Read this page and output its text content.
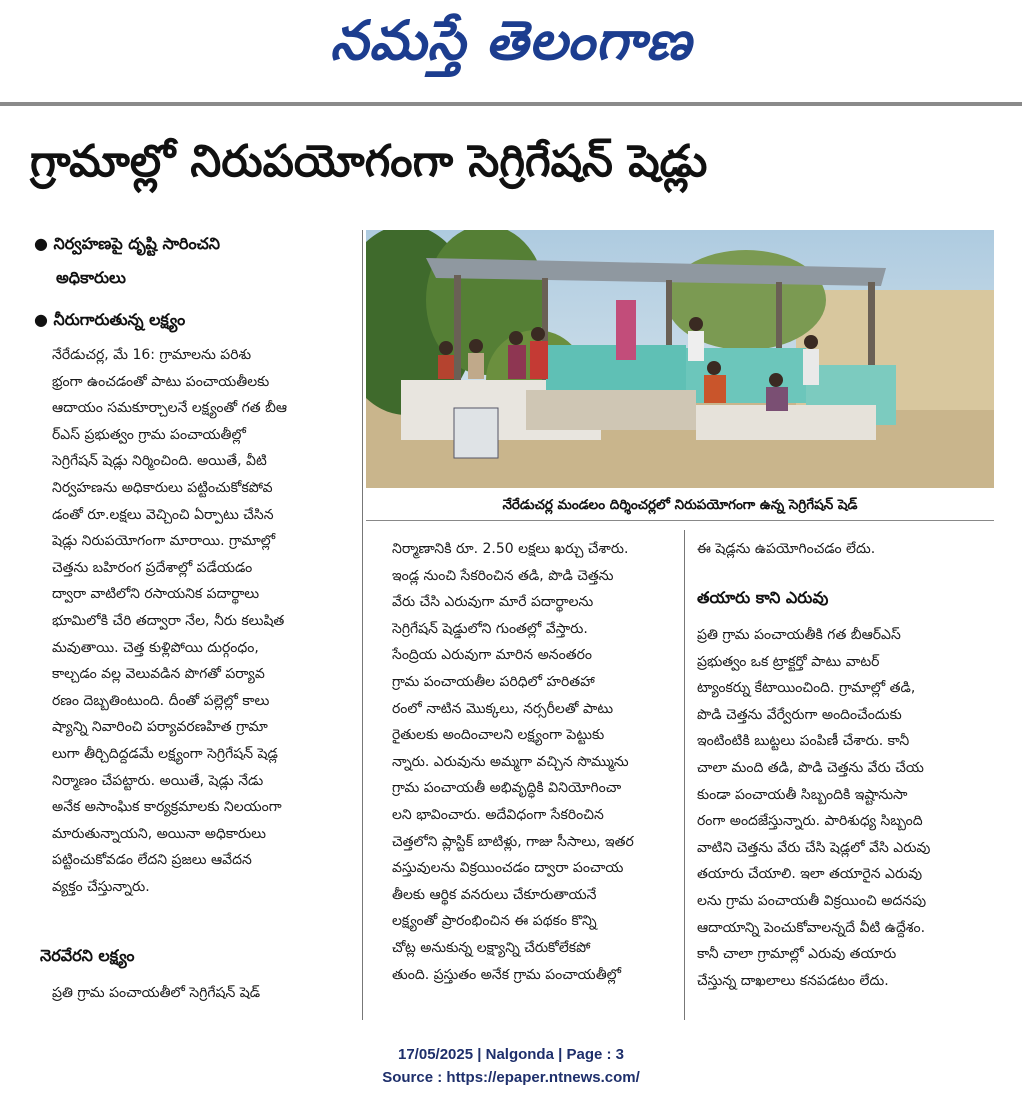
నమస్తే తెలంగాణ
గ్రామాల్లో నిరుపయోగంగా సెగ్రిగేషన్ షెడ్లు
● నిర్వహణపై దృష్టి సారించని
అధికారులు
● నీరుగారుతున్న లక్ష్యం
నేరేడుచర్ల మండలం దిర్శించర్లలో నిరుపయోగంగా ఉన్న సెగ్రిగేషన్ షెడ్

నేరేడుచర్ల, మే 16: గ్రామాలను పరిశు

భ్రంగా ఉంచడంతో పాటు పంచాయతీలకు

ఆదాయం సమకూర్చాలనే లక్ష్యంతో గత బీఆ

ర్ఎస్ ప్రభుత్వం గ్రామ పంచాయతీల్లో

సెగ్రిగేషన్ షెడ్లు నిర్మించింది. అయితే, వీటి

నిర్వహణను అధికారులు పట్టించుకోకపోవ

డంతో రూ.లక్షలు వెచ్చించి ఏర్పాటు చేసిన

షెడ్లు నిరుపయోగంగా మారాయి. గ్రామాల్లో

చెత్తను బహిరంగ ప్రదేశాల్లో పడేయడం

ద్వారా వాటిలోని రసాయనిక పదార్థాలు

భూమిలోకి చేరి తద్వారా నేల, నీరు కలుషిత

మవుతాయి. చెత్త కుళ్లిపోయి దుర్గంధం,

కాల్చడం వల్ల వెలువడిన పొగతో పర్యావ

రణం దెబ్బతింటుంది. దీంతో పల్లెల్లో కాలు

ష్యాన్ని నివారించి పర్యావరణహిత గ్రామా

లుగా తీర్చిదిద్దడమే లక్ష్యంగా సెగ్రిగేషన్ షెడ్ల

నిర్మాణం చేపట్టారు. అయితే, షెడ్లు నేడు

అనేక అసాంఘిక కార్యక్రమాలకు నిలయంగా

మారుతున్నాయని, అయినా అధికారులు

పట్టించుకోవడం లేదని ప్రజలు ఆవేదన

వ్యక్తం చేస్తున్నారు.

నెరవేరని లక్ష్యం
ప్రతి గ్రామ పంచాయతీలో సెగ్రిగేషన్ షెడ్

నిర్మాణానికి రూ. 2.50 లక్షలు ఖర్చు చేశారు.

ఇండ్ల నుంచి సేకరించిన తడి, పొడి చెత్తను

వేరు చేసి ఎరువుగా మారే పదార్థాలను

సెగ్రిగేషన్ షెడ్డులోని గుంతల్లో వేస్తారు.

సేంద్రియ ఎరువుగా మారిన అనంతరం

గ్రామ పంచాయతీల పరిధిలో హరితహా

రంలో నాటిన మొక్కలు, నర్సరీలతో పాటు

రైతులకు అందించాలని లక్ష్యంగా పెట్టుకు

న్నారు. ఎరువును అమ్మగా వచ్చిన సొమ్మును

గ్రామ పంచాయతీ అభివృద్ధికి వినియోగించా

లని భావించారు. అదేవిధంగా సేకరించిన

చెత్తలోని ప్లాస్టిక్ బాటిళ్లు, గాజు సీసాలు, ఇతర

వస్తువులను విక్రయించడం ద్వారా పంచాయ

తీలకు ఆర్థిక వనరులు చేకూరుతాయనే

లక్ష్యంతో ప్రారంభించిన ఈ పథకం కొన్ని

చోట్ల అనుకున్న లక్ష్యాన్ని చేరుకోలేకపో

తుంది. ప్రస్తుతం అనేక గ్రామ పంచాయతీల్లో

ఈ షెడ్లను ఉపయోగించడం లేదు.
తయారు కాని ఎరువు

ప్రతి గ్రామ పంచాయతీకి గత బీఆర్ఎస్

ప్రభుత్వం ఒక ట్రాక్టర్తో పాటు వాటర్

ట్యాంకర్ను కేటాయించింది. గ్రామాల్లో తడి,

పొడి చెత్తను వేర్వేరుగా అందించేందుకు

ఇంటింటికి బుట్టలు పంపిణీ చేశారు. కానీ

చాలా మంది తడి, పొడి చెత్తను వేరు చేయ

కుండా పంచాయతీ సిబ్బందికి ఇష్టానుసా

రంగా అందజేస్తున్నారు. పారిశుధ్య సిబ్బంది

వాటిని చెత్తను వేరు చేసి షెడ్లలో వేసి ఎరువు

తయారు చేయాలి. ఇలా తయారైన ఎరువు

లను గ్రామ పంచాయతీ విక్రయించి అదనపు

ఆదాయాన్ని పెంచుకోవాలన్నదే వీటి ఉద్దేశం.

కానీ చాలా గ్రామాల్లో ఎరువు తయారు

చేస్తున్న దాఖలాలు కనపడటం లేదు.

17/05/2025 | Nalgonda | Page : 3
Source : https://epaper.ntnews.com/
